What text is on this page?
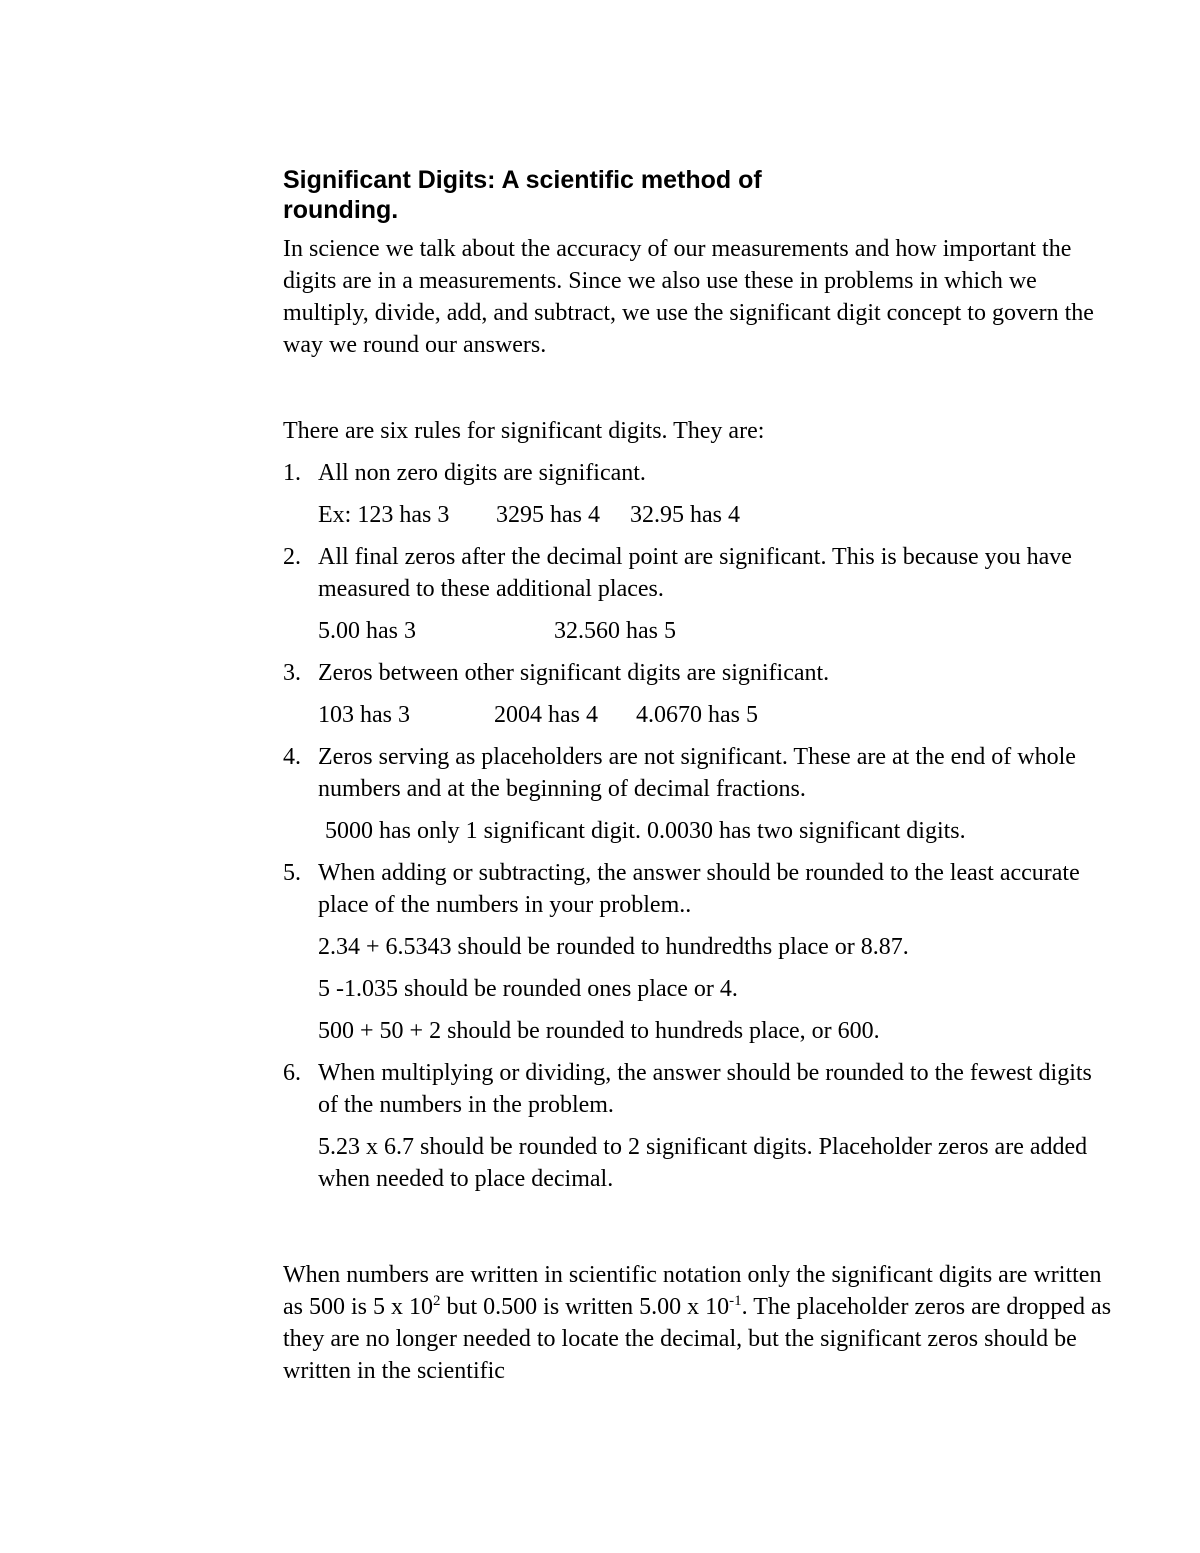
Significant Digits: A scientific method of rounding.

In science we talk about the accuracy of our measurements and how important the digits are in a measurements. Since we also use these in problems in which we multiply, divide, add, and subtract, we use the significant digit concept to govern the way we round our answers.

There are six rules for significant digits. They are:

1. All non zero digits are significant.
Ex: 123 has 3	3295 has 4	32.95 has 4
2. All final zeros after the decimal point are significant. This is because you have measured to these additional places.
5.00 has 3	32.560 has 5
3. Zeros between other significant digits are significant.
103 has 3	2004 has 4	4.0670 has 5
4. Zeros serving as placeholders are not significant. These are at the end of whole numbers and at the beginning of decimal fractions.
5000 has only 1 significant digit. 0.0030 has two significant digits.
5. When adding or subtracting, the answer should be rounded to the least accurate place of the numbers in your problem..
2.34 + 6.5343 should be rounded to hundredths place or 8.87.
5 -1.035 should be rounded ones place or 4.
500 + 50 + 2 should be rounded to hundreds place, or 600.
6. When multiplying or dividing, the answer should be rounded to the fewest digits of the numbers in the problem.
5.23 x 6.7 should be rounded to 2 significant digits. Placeholder zeros are added when needed to place decimal.

When numbers are written in scientific notation only the significant digits are written as 500 is 5 x $10^2$ but 0.500 is written 5.00 x $10^{-1}$. The placeholder zeros are dropped as they are no longer needed to locate the decimal, but the significant zeros should be written in the scientific
